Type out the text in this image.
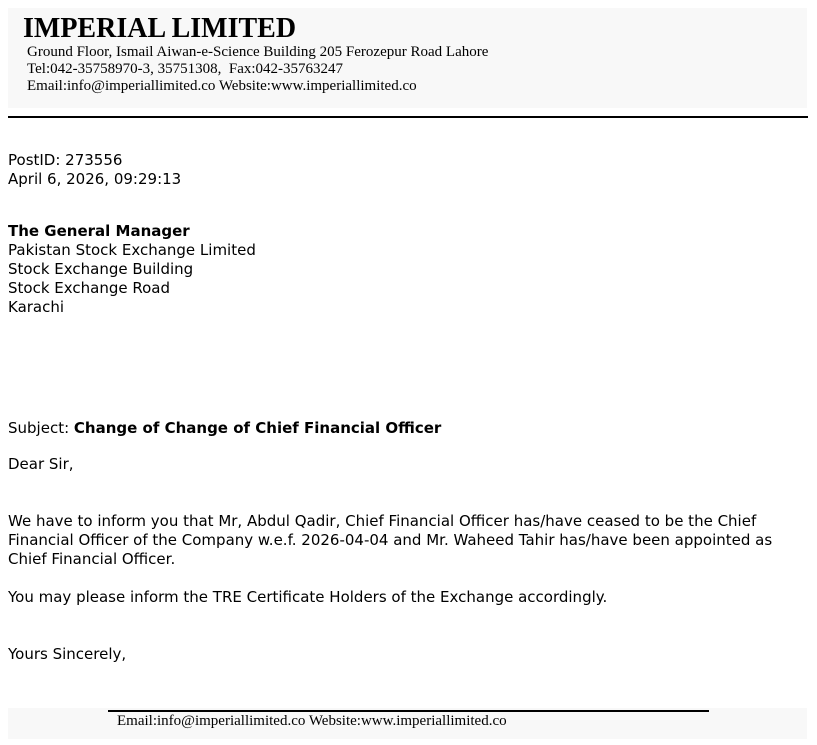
IMPERIAL LIMITED

Ground Floor, Ismail Aiwan-e-Science Building 205 Ferozepur Road Lahore

Tel:042-35758970-3, 35751308,  Fax:042-35763247

Email:info@imperiallimited.co Website:www.imperiallimited.co

PostID: 273556

April 6, 2026, 09:29:13

The General Manager

Pakistan Stock Exchange Limited

Stock Exchange Building

Stock Exchange Road

Karachi

Subject: Change of Change of Chief Financial Officer

Dear Sir,

We have to inform you that Mr, Abdul Qadir, Chief Financial Officer has/have ceased to be the Chief Financial Officer of the Company w.e.f. 2026-04-04 and Mr. Waheed Tahir has/have been appointed as Chief Financial Officer.

You may please inform the TRE Certificate Holders of the Exchange accordingly.

Yours Sincerely,

Email:info@imperiallimited.co Website:www.imperiallimited.co
